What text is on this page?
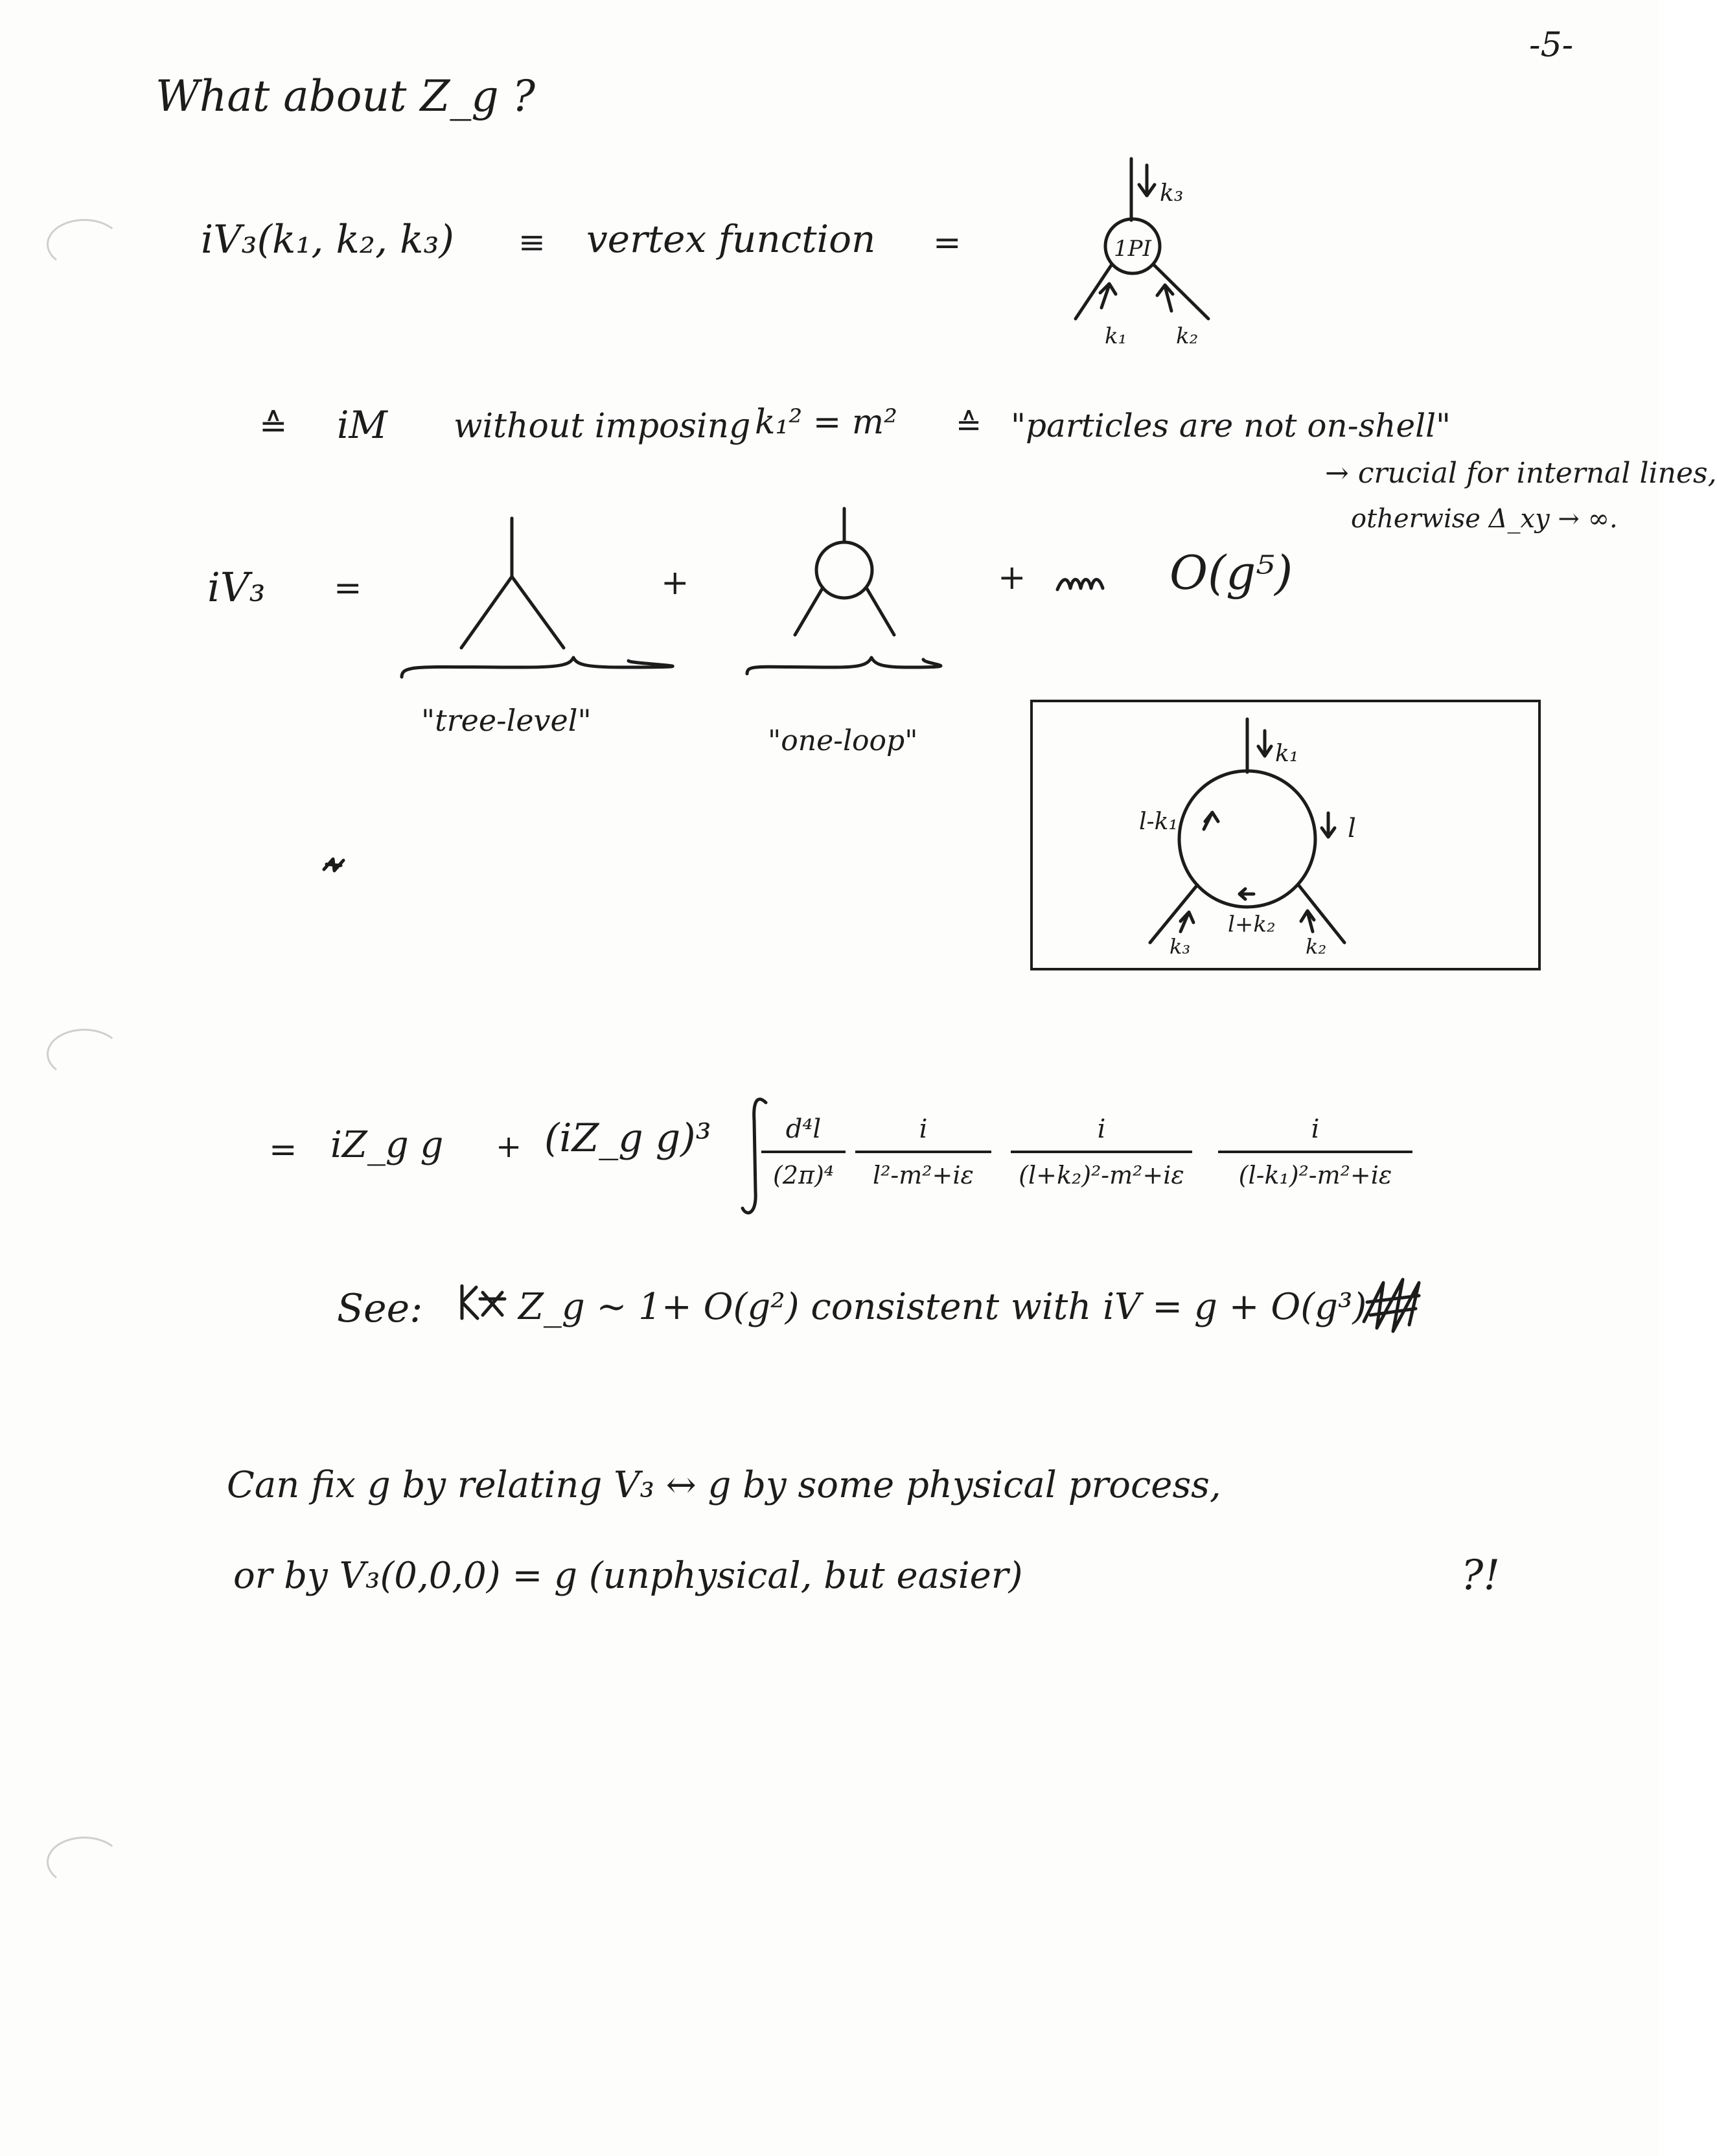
-5-
What about Z_g ?
iV₃(k₁, k₂, k₃) ≡ vertex function =	1PI
k₃
k₁ k₂
≙ iM without imposing k₁² = m² ≙ "particles are not on-shell"
→ crucial for internal lines,
otherwise Δ_xy → ∞.
iV₃ =	+	+	O(g⁵)
"tree-level"
"one-loop"	k₁
l
l-k₁
l+k₂
k₃	k₂
= iZ_g g + (iZ_g $g)^3 \frac{\text{d⁴l}}{\text{(2π)⁴}} \frac{i}{\text{l²-m²+iε}} \frac{i}{\text{(l+k₂)²-m²+iε}} \frac{i}{\text{(l-k₁)²-m²+iε}}$
See:	Z_g ~ 1+ O(g²) consistent with iV = g + O(g³)
Can fix g by relating V₃ ↔ g by some physical process,
or by V₃(0,0,0) = g (unphysical, but easier)	?!
